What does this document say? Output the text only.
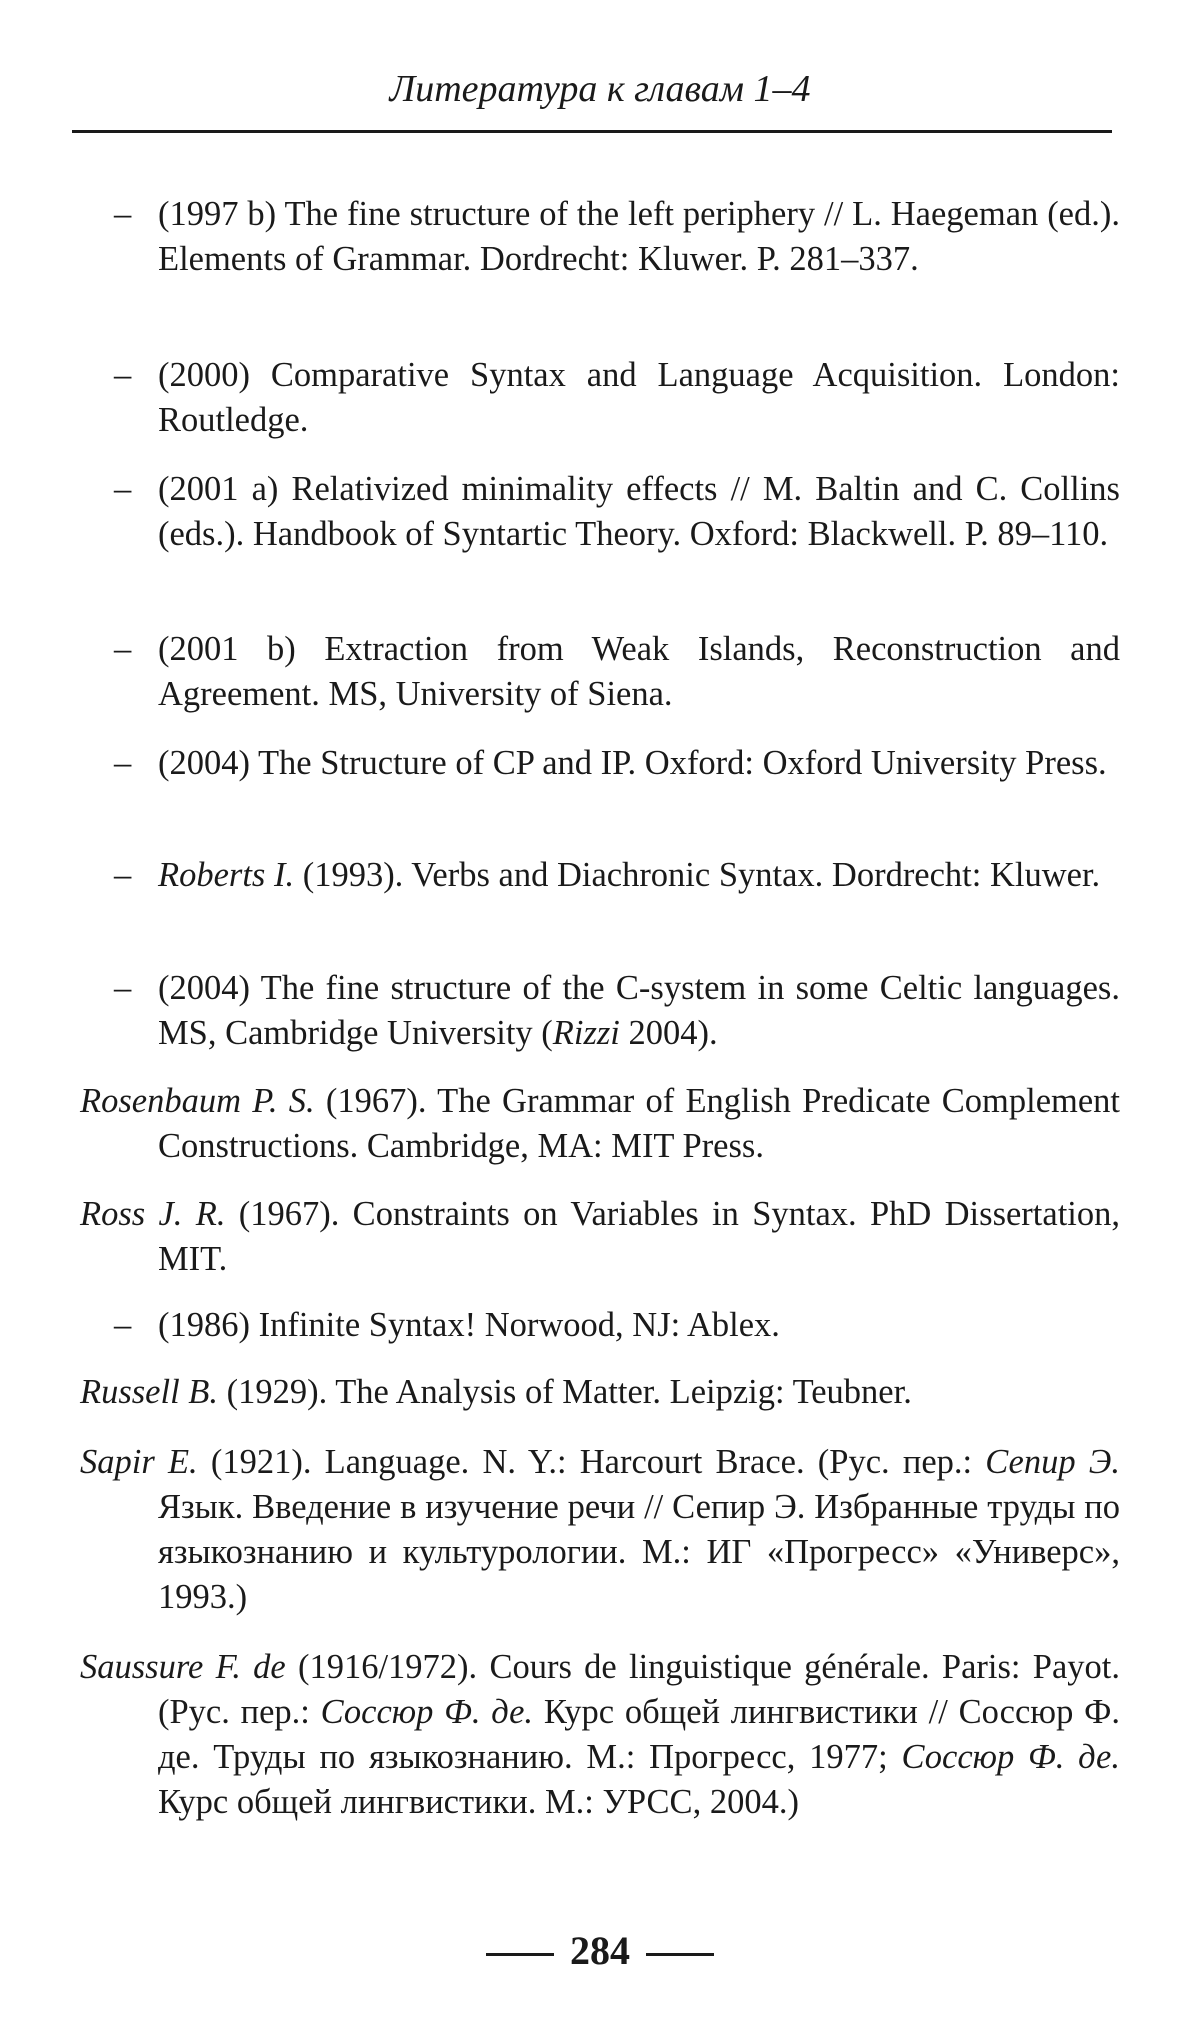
Литература к главам 1–4

– (1997 b) The fine structure of the left periphery // L. Haegeman (ed.). Elements of Grammar. Dordrecht: Kluwer. P. 281–337.

– (2000) Comparative Syntax and Language Acquisition. London: Routledge.

– (2001 a) Relativized minimality effects // M. Baltin and C. Collins (eds.). Handbook of Syntartic Theory. Oxford: Blackwell. P. 89–110.

– (2001 b) Extraction from Weak Islands, Reconstruction and Agreement. MS, University of Siena.

– (2004) The Structure of CP and IP. Oxford: Oxford University Press.

– Roberts I. (1993). Verbs and Diachronic Syntax. Dordrecht: Kluwer.

– (2004) The fine structure of the C-system in some Celtic languages. MS, Cambridge University (Rizzi 2004).

Rosenbaum P. S. (1967). The Grammar of English Predicate Complement Constructions. Cambridge, MA: MIT Press.

Ross J. R. (1967). Constraints on Variables in Syntax. PhD Dissertation, MIT.

– (1986) Infinite Syntax! Norwood, NJ: Ablex.

Russell B. (1929). The Analysis of Matter. Leipzig: Teubner.

Sapir E. (1921). Language. N. Y.: Harcourt Brace. (Рус. пер.: Сепир Э. Язык. Введение в изучение речи // Сепир Э. Избранные труды по языкознанию и культурологии. М.: ИГ «Прогресс» «Универс», 1993.)

Saussure F. de (1916/1972). Cours de linguistique générale. Paris: Payot. (Рус. пер.: Соссюр Ф. де. Курс общей лингвистики // Соссюр Ф. де. Труды по языкознанию. М.: Прогресс, 1977; Соссюр Ф. де. Курс общей лингвистики. М.: УРСС, 2004.)

284
